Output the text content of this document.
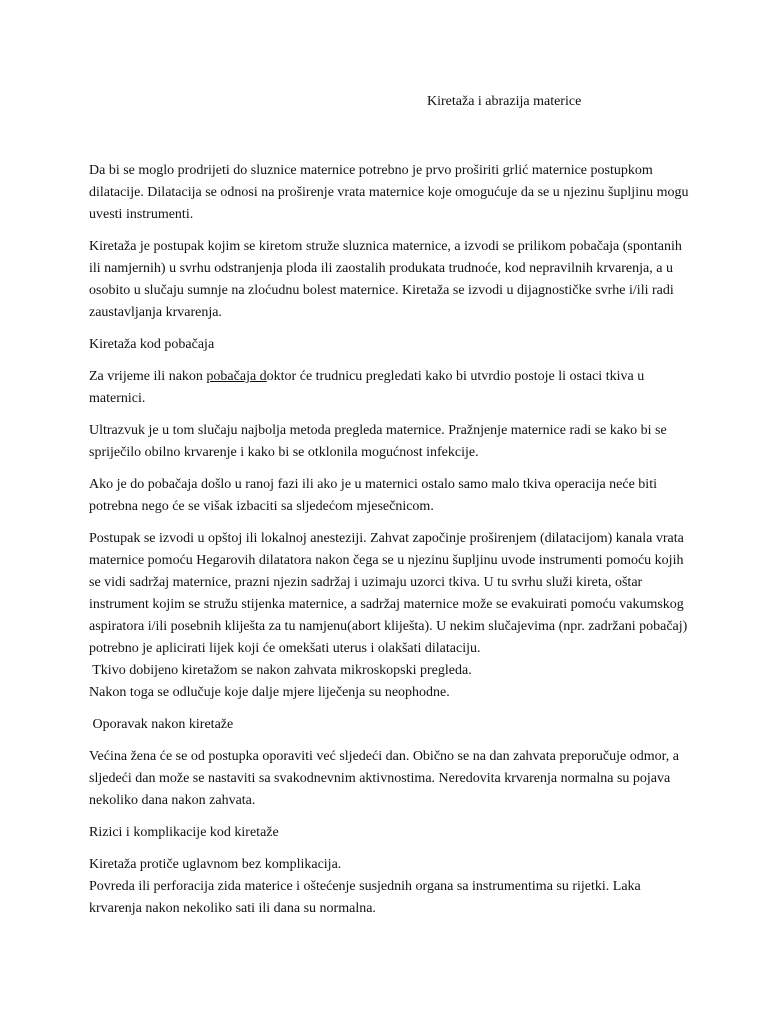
Kiretaža i abrazija materice

Da bi se moglo prodrijeti do sluznice maternice potrebno je prvo proširiti grlić maternice postupkom

dilatacije. Dilatacija se odnosi na proširenje vrata maternice koje omogućuje da se u njezinu šupljinu mogu

uvesti instrumenti.

Kiretaža je postupak kojim se kiretom struže sluznica maternice, a izvodi se prilikom pobačaja (spontanih

ili namjernih) u svrhu odstranjenja ploda ili zaostalih produkata trudnoće, kod nepravilnih krvarenja, a u

osobito u slučaju sumnje na zloćudnu bolest maternice. Kiretaža se izvodi u dijagnostičke svrhe i/ili radi

zaustavljanja krvarenja.

Kiretaža kod pobačaja

Za vrijeme ili nakon pobačaja doktor će trudnicu pregledati kako bi utvrdio postoje li ostaci tkiva u

maternici.

Ultrazvuk je u tom slučaju najbolja metoda pregleda maternice. Pražnjenje maternice radi se kako bi se

spriječilo obilno krvarenje i kako bi se otklonila mogućnost infekcije.

Ako je do pobačaja došlo u ranoj fazi ili ako je u maternici ostalo samo malo tkiva operacija neće biti

potrebna nego će se višak izbaciti sa sljedećom mjesečnicom.

Postupak se izvodi u opštoj ili lokalnoj anesteziji. Zahvat započinje proširenjem (dilatacijom) kanala vrata

maternice pomoću Hegarovih dilatatora nakon čega se u njezinu šupljinu uvode instrumenti pomoću kojih

se vidi sadržaj maternice, prazni njezin sadržaj i uzimaju uzorci tkiva. U tu svrhu služi kireta, oštar

instrument kojim se stružu stijenka maternice, a sadržaj maternice može se evakuirati pomoću vakumskog

aspiratora i/ili posebnih kliješta za tu namjenu(abort kliješta). U nekim slučajevima (npr. zadržani pobačaj)

potrebno je aplicirati lijek koji će omekšati uterus i olakšati dilataciju.

Tkivo dobijeno kiretažom se nakon zahvata mikroskopski pregleda.

Nakon toga se odlučuje koje dalje mjere liječenja su neophodne.

Oporavak nakon kiretaže

Većina žena će se od postupka oporaviti već sljedeći dan. Obično se na dan zahvata preporučuje odmor, a

sljedeći dan može se nastaviti sa svakodnevnim aktivnostima. Neredovita krvarenja normalna su pojava

nekoliko dana nakon zahvata.

Rizici i komplikacije kod kiretaže

Kiretaža protiče uglavnom bez komplikacija.

Povreda ili perforacija zida materice i oštećenje susjednih organa sa instrumentima su rijetki. Laka

krvarenja nakon nekoliko sati ili dana su normalna.
